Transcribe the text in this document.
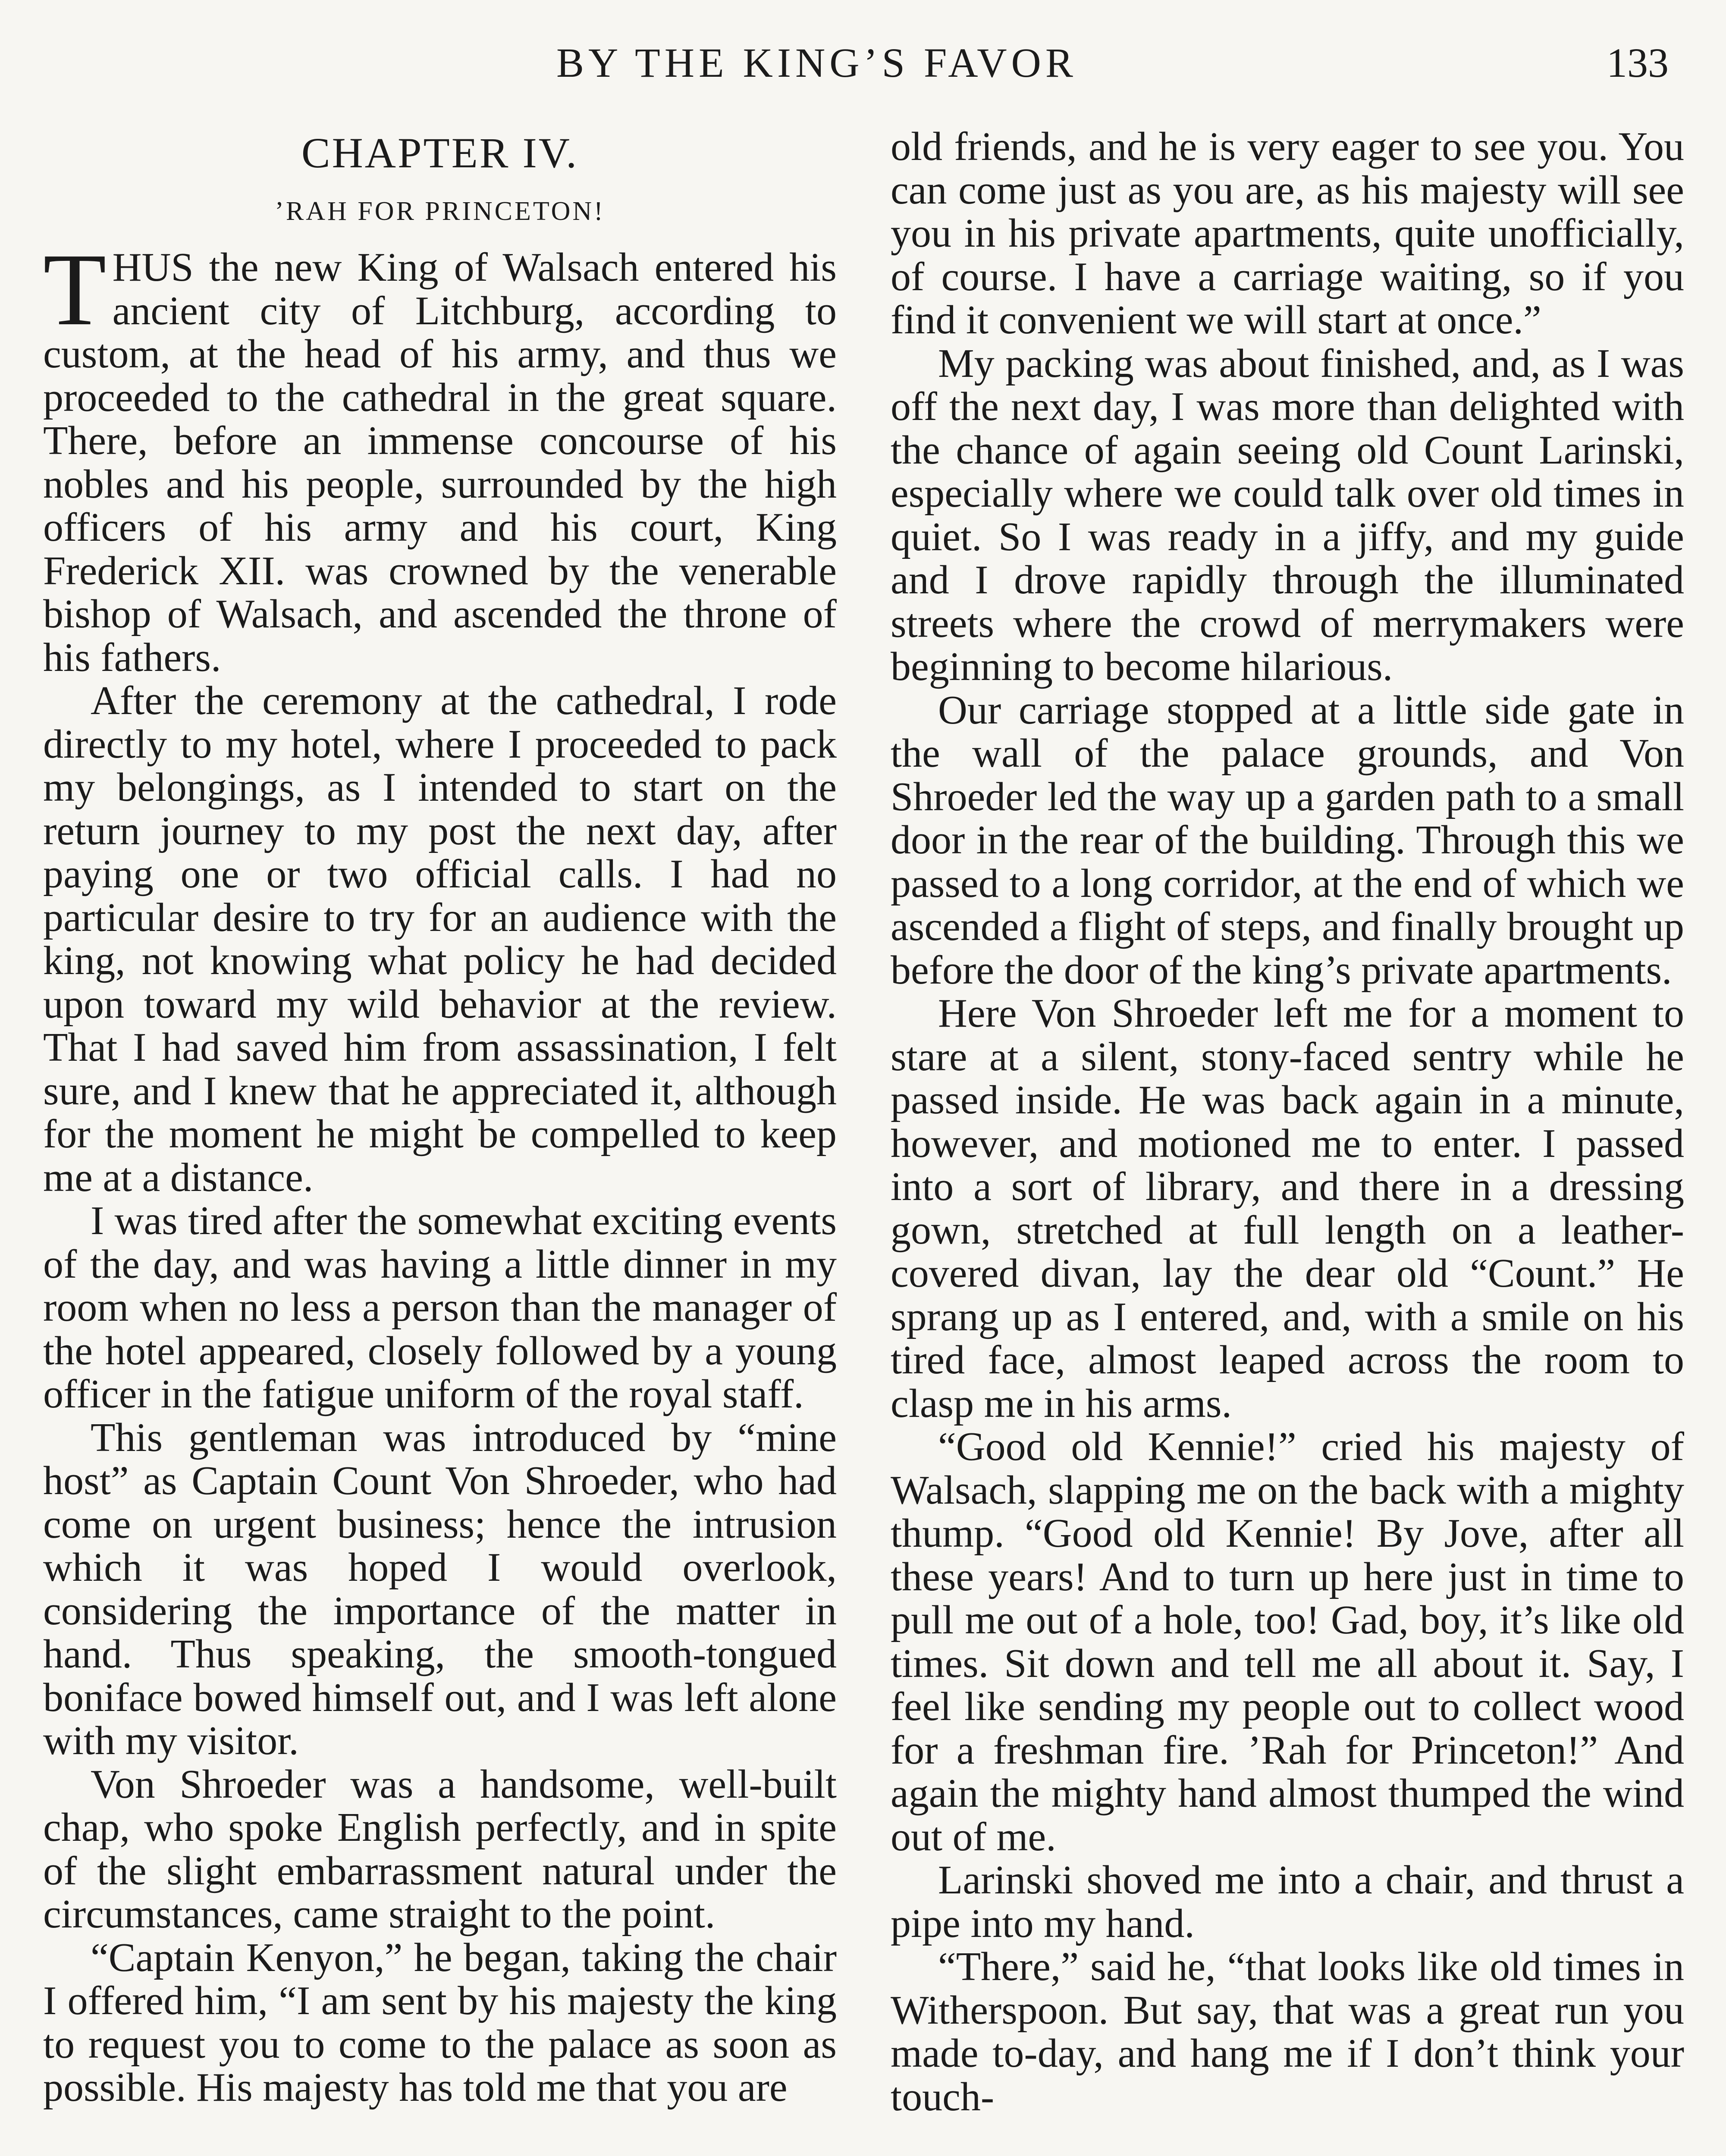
BY THE KING’S FAVOR	133
CHAPTER IV.
’RAH FOR PRINCETON!

THUS the new King of Walsach entered his ancient city of Litchburg, according to custom, at the head of his army, and thus we proceeded to the cathedral in the great square. There, before an immense concourse of his nobles and his people, surrounded by the high officers of his army and his court, King Frederick XII. was crowned by the venerable bishop of Walsach, and ascended the throne of his fathers.

After the ceremony at the cathedral, I rode directly to my hotel, where I proceeded to pack my belongings, as I intended to start on the return journey to my post the next day, after paying one or two official calls. I had no particular desire to try for an audience with the king, not knowing what policy he had decided upon toward my wild behavior at the review. That I had saved him from assassination, I felt sure, and I knew that he appreciated it, although for the moment he might be compelled to keep me at a distance.

I was tired after the somewhat exciting events of the day, and was having a little dinner in my room when no less a person than the manager of the hotel appeared, closely followed by a young officer in the fatigue uniform of the royal staff.

This gentleman was introduced by “mine host” as Captain Count Von Shroeder, who had come on urgent business; hence the intrusion which it was hoped I would overlook, considering the importance of the matter in hand. Thus speaking, the smooth-tongued boniface bowed himself out, and I was left alone with my visitor.

Von Shroeder was a handsome, well-built chap, who spoke English perfectly, and in spite of the slight embarrassment natural under the circumstances, came straight to the point.

“Captain Kenyon,” he began, taking the chair I offered him, “I am sent by his majesty the king to request you to come to the palace as soon as possible. His majesty has told me that you are

old friends, and he is very eager to see you. You can come just as you are, as his majesty will see you in his private apartments, quite unofficially, of course. I have a carriage waiting, so if you find it convenient we will start at once.”

My packing was about finished, and, as I was off the next day, I was more than delighted with the chance of again seeing old Count Larinski, especially where we could talk over old times in quiet. So I was ready in a jiffy, and my guide and I drove rapidly through the illuminated streets where the crowd of merrymakers were beginning to become hilarious.

Our carriage stopped at a little side gate in the wall of the palace grounds, and Von Shroeder led the way up a garden path to a small door in the rear of the building. Through this we passed to a long corridor, at the end of which we ascended a flight of steps, and finally brought up before the door of the king’s private apartments.

Here Von Shroeder left me for a moment to stare at a silent, stony-faced sentry while he passed inside. He was back again in a minute, however, and motioned me to enter. I passed into a sort of library, and there in a dressing gown, stretched at full length on a leather-covered divan, lay the dear old “Count.” He sprang up as I entered, and, with a smile on his tired face, almost leaped across the room to clasp me in his arms.

“Good old Kennie!” cried his majesty of Walsach, slapping me on the back with a mighty thump. “Good old Kennie! By Jove, after all these years! And to turn up here just in time to pull me out of a hole, too! Gad, boy, it’s like old times. Sit down and tell me all about it. Say, I feel like sending my people out to collect wood for a freshman fire. ’Rah for Princeton!” And again the mighty hand almost thumped the wind out of me.

Larinski shoved me into a chair, and thrust a pipe into my hand.

“There,” said he, “that looks like old times in Witherspoon. But say, that was a great run you made to-day, and hang me if I don’t think your touch-
